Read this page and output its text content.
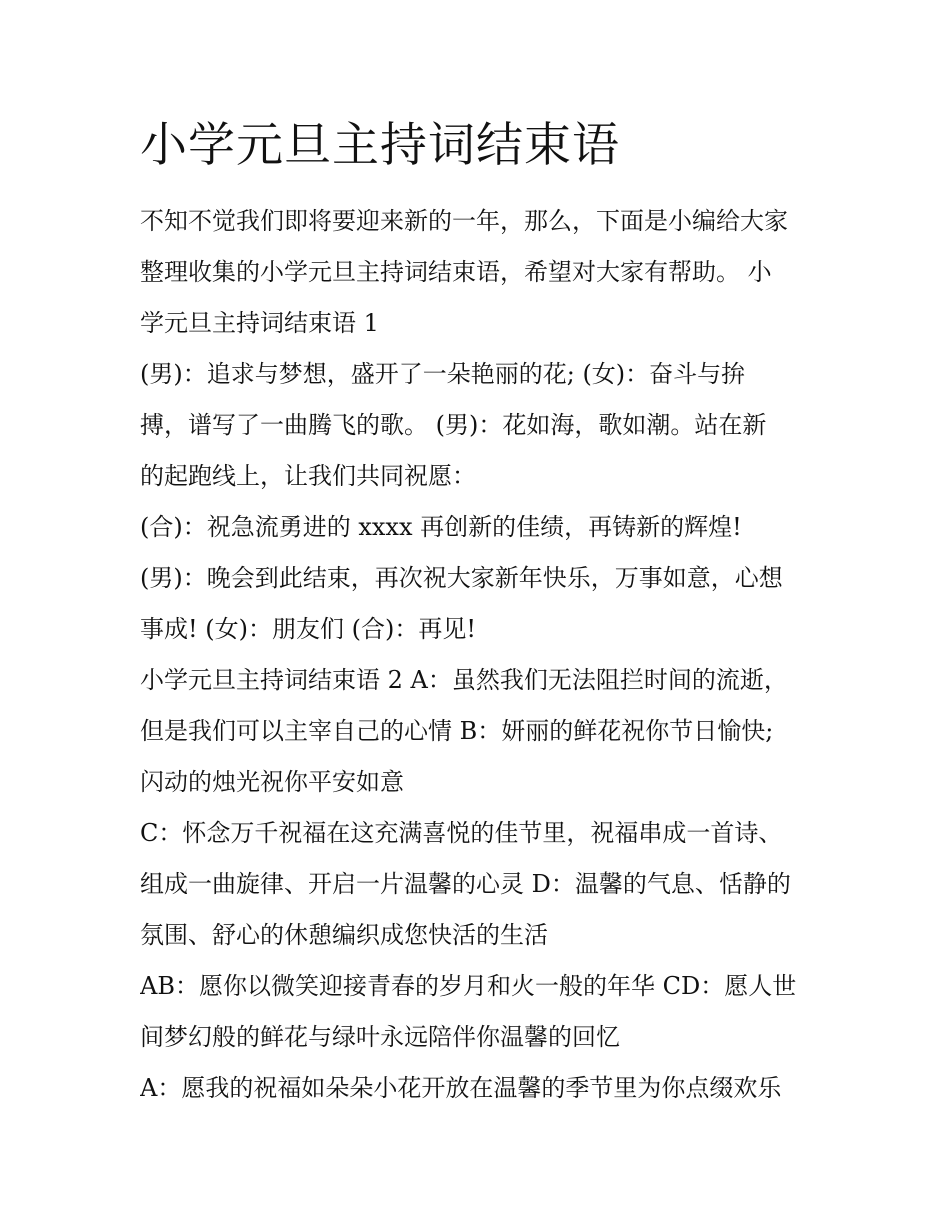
小学元旦主持词结束语
不知不觉我们即将要迎来新的一年，那么，下面是小编给大家
整理收集的小学元旦主持词结束语，希望对大家有帮助。 小
学元旦主持词结束语 1
(男)：追求与梦想，盛开了一朵艳丽的花; (女)：奋斗与拚
搏，谱写了一曲腾飞的歌。 (男)：花如海，歌如潮。站在新
的起跑线上，让我们共同祝愿：
(合)：祝急流勇进的 xxxx 再创新的佳绩，再铸新的辉煌!
(男)：晚会到此结束，再次祝大家新年快乐，万事如意，心想
事成! (女)：朋友们 (合)：再见!
小学元旦主持词结束语 2 A：虽然我们无法阻拦时间的流逝，
但是我们可以主宰自己的心情 B：妍丽的鲜花祝你节日愉快;
闪动的烛光祝你平安如意
C：怀念万千祝福在这充满喜悦的佳节里，祝福串成一首诗、
组成一曲旋律、开启一片温馨的心灵 D：温馨的气息、恬静的
氛围、舒心的休憩编织成您快活的生活
AB：愿你以微笑迎接青春的岁月和火一般的年华 CD：愿人世
间梦幻般的鲜花与绿叶永远陪伴你温馨的回忆
A：愿我的祝福如朵朵小花开放在温馨的季节里为你点缀欢乐
